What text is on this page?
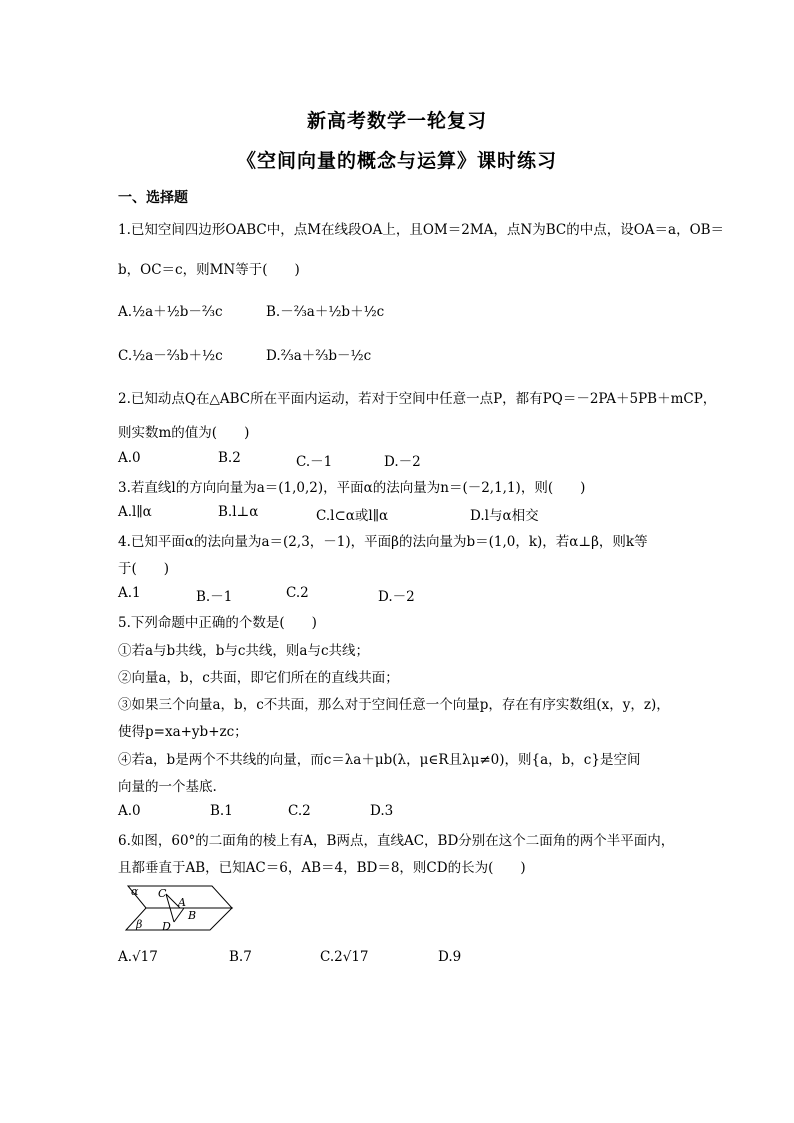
新高考数学一轮复习
《空间向量的概念与运算》课时练习
一、选择题
1.已知空间四边形OABC中，点M在线段OA上，且OM＝2MA，点N为BC的中点，设OA＝a，OB＝
b，OC＝c，则MN等于(　　)
A.½a＋½b－⅔c	B.－⅔a＋½b＋½c
C.½a－⅔b＋½c	D.⅔a＋⅔b－½c
2.已知动点Q在△ABC所在平面内运动，若对于空间中任意一点P，都有PQ＝－2PA＋5PB＋mCP，
则实数m的值为(　　)
A.0	B.2	C.－1	D.－2
3.若直线l的方向向量为a＝(1,0,2)，平面α的法向量为n＝(－2,1,1)，则(　　)
A.l∥α	B.l⊥α	C.l⊂α或l∥α	D.l与α相交
4.已知平面α的法向量为a＝(2,3，－1)，平面β的法向量为b＝(1,0，k)，若α⊥β，则k等
于(　　)
A.1	B.－1	C.2	D.－2
5.下列命题中正确的个数是(　　)
①若a与b共线，b与c共线，则a与c共线；
②向量a，b，c共面，即它们所在的直线共面；
③如果三个向量a，b，c不共面，那么对于空间任意一个向量p，存在有序实数组(x，y，z)，
使得p=xa+yb+zc；
④若a，b是两个不共线的向量，而c＝λa＋μb(λ，μ∈R且λμ≠0)，则{a，b，c}是空间
向量的一个基底.
A.0	B.1	C.2	D.3
6.如图，60°的二面角的棱上有A，B两点，直线AC，BD分别在这个二面角的两个半平面内，
且都垂直于AB，已知AC＝6，AB＝4，BD＝8，则CD的长为(　　)
α C
A
B
β D
A.√17	B.7	C.2√17	D.9
